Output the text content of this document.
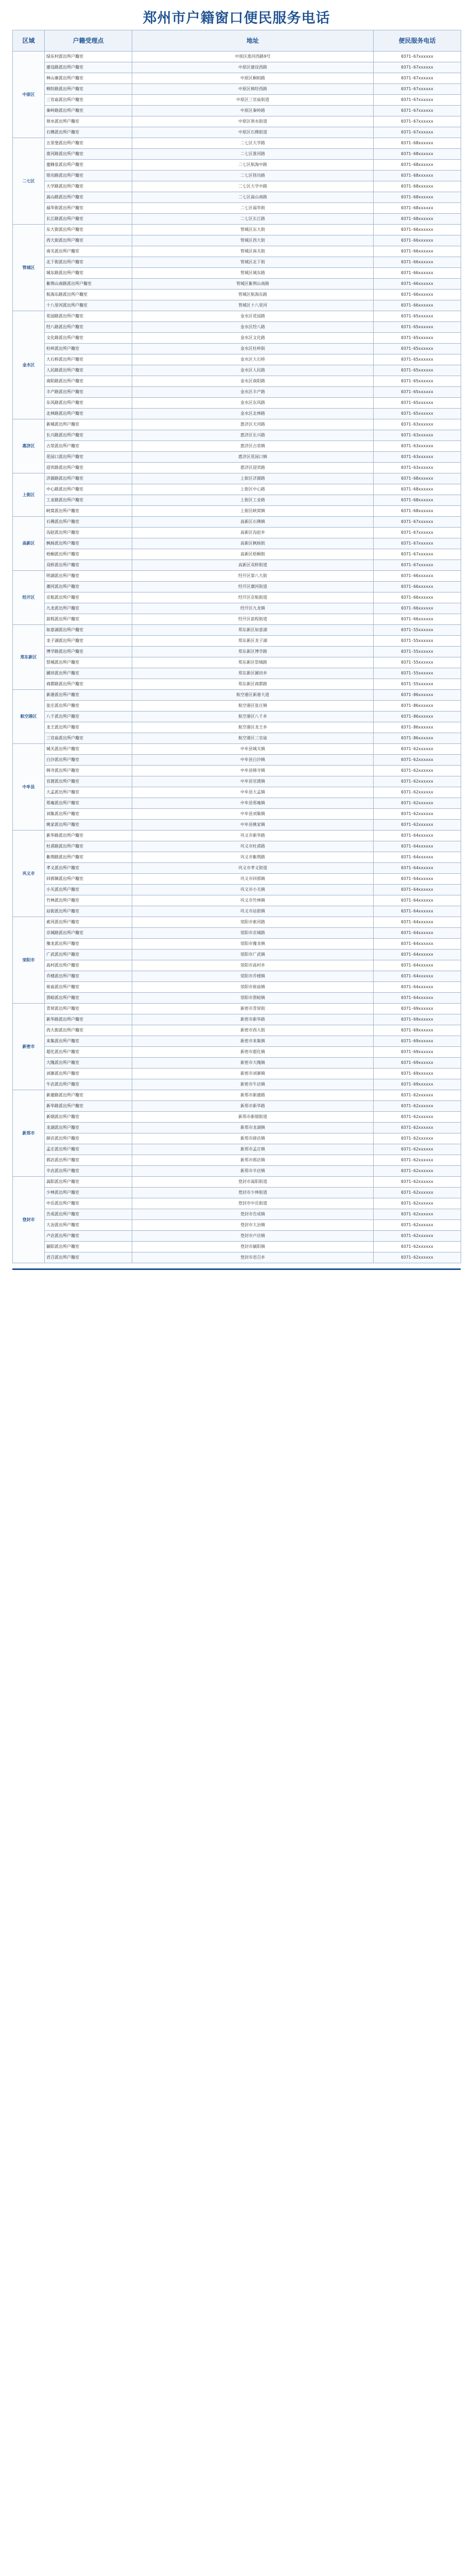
郑州市户籍窗口便民服务电话
区域	户籍受理点	地址	便民服务电话
中原区	绿东村派出所户籍室	中原区淮河西路9号	0371-67xxxxxx
	建设路派出所户籍室	中原区建设西路	0371-67xxxxxx
	林山寨派出所户籍室	中原区桐柏路	0371-67xxxxxx
	棉纺路派出所户籍室	中原区棉纺西路	0371-67xxxxxx
	三官庙派出所户籍室	中原区三官庙街道	0371-67xxxxxx
	秦岭路派出所户籍室	中原区秦岭路	0371-67xxxxxx
	须水派出所户籍室	中原区须水街道	0371-67xxxxxx
	石佛派出所户籍室	中原区石佛街道	0371-67xxxxxx
二七区	五里堡派出所户籍室	二七区大学路	0371-68xxxxxx
	淮河路派出所户籍室	二七区淮河路	0371-68xxxxxx
	蜜蜂张派出所户籍室	二七区航海中路	0371-68xxxxxx
	铭功路派出所户籍室	二七区铭功路	0371-68xxxxxx
	大学路派出所户籍室	二七区大学中路	0371-68xxxxxx
	嵩山路派出所户籍室	二七区嵩山南路	0371-68xxxxxx
	福华街派出所户籍室	二七区福华街	0371-68xxxxxx
	长江路派出所户籍室	二七区长江路	0371-68xxxxxx
管城区	东大街派出所户籍室	管城区东大街	0371-66xxxxxx
	西大街派出所户籍室	管城区西大街	0371-66xxxxxx
	南关派出所户籍室	管城区南关街	0371-66xxxxxx
	北下街派出所户籍室	管城区北下街	0371-66xxxxxx
	城东路派出所户籍室	管城区城东路	0371-66xxxxxx
	紫荆山南路派出所户籍室	管城区紫荆山南路	0371-66xxxxxx
	航海东路派出所户籍室	管城区航海东路	0371-66xxxxxx
	十八里河派出所户籍室	管城区十八里河	0371-66xxxxxx
金水区	花园路派出所户籍室	金水区花园路	0371-65xxxxxx
	经八路派出所户籍室	金水区经八路	0371-65xxxxxx
	文化路派出所户籍室	金水区文化路	0371-65xxxxxx
	杜岭派出所户籍室	金水区杜岭街	0371-65xxxxxx
	大石桥派出所户籍室	金水区大石桥	0371-65xxxxxx
	人民路派出所户籍室	金水区人民路	0371-65xxxxxx
	南阳路派出所户籍室	金水区南阳路	0371-65xxxxxx
	丰产路派出所户籍室	金水区丰产路	0371-65xxxxxx
	东风路派出所户籍室	金水区东风路	0371-65xxxxxx
	北林路派出所户籍室	金水区北林路	0371-65xxxxxx
惠济区	新城派出所户籍室	惠济区天河路	0371-63xxxxxx
	长兴路派出所户籍室	惠济区长兴路	0371-63xxxxxx
	古荥派出所户籍室	惠济区古荥镇	0371-63xxxxxx
	花园口派出所户籍室	惠济区花园口镇	0371-63xxxxxx
	迎宾路派出所户籍室	惠济区迎宾路	0371-63xxxxxx
上街区	济源路派出所户籍室	上街区济源路	0371-68xxxxxx
	中心路派出所户籍室	上街区中心路	0371-68xxxxxx
	工业路派出所户籍室	上街区工业路	0371-68xxxxxx
	峡窝派出所户籍室	上街区峡窝镇	0371-68xxxxxx
高新区	石佛派出所户籍室	高新区石佛镇	0371-67xxxxxx
	沟赵派出所户籍室	高新区沟赵乡	0371-67xxxxxx
	枫杨派出所户籍室	高新区枫杨街	0371-67xxxxxx
	梧桐派出所户籍室	高新区梧桐街	0371-67xxxxxx
	双桥派出所户籍室	高新区双桥街道	0371-67xxxxxx
经开区	明湖派出所户籍室	经开区第八大街	0371-66xxxxxx
	潮河派出所户籍室	经开区潮河街道	0371-66xxxxxx
	京航派出所户籍室	经开区京航街道	0371-66xxxxxx
	九龙派出所户籍室	经开区九龙镇	0371-66xxxxxx
	前程派出所户籍室	经开区前程街道	0371-66xxxxxx
郑东新区	如意湖派出所户籍室	郑东新区如意湖	0371-55xxxxxx
	龙子湖派出所户籍室	郑东新区龙子湖	0371-55xxxxxx
	博学路派出所户籍室	郑东新区博学路	0371-55xxxxxx
	祭城派出所户籍室	郑东新区祭城路	0371-55xxxxxx
	圃田派出所户籍室	郑东新区圃田乡	0371-55xxxxxx
	商都路派出所户籍室	郑东新区商都路	0371-55xxxxxx
航空港区	新港派出所户籍室	航空港区新港大道	0371-86xxxxxx
	张庄派出所户籍室	航空港区张庄镇	0371-86xxxxxx
	八千派出所户籍室	航空港区八千乡	0371-86xxxxxx
	龙王派出所户籍室	航空港区龙王乡	0371-86xxxxxx
	三官庙派出所户籍室	航空港区三官庙	0371-86xxxxxx
中牟县	城关派出所户籍室	中牟县城关镇	0371-62xxxxxx
	白沙派出所户籍室	中牟县白沙镇	0371-62xxxxxx
	韩寺派出所户籍室	中牟县韩寺镇	0371-62xxxxxx
	官渡派出所户籍室	中牟县官渡镇	0371-62xxxxxx
	大孟派出所户籍室	中牟县大孟镇	0371-62xxxxxx
	郑庵派出所户籍室	中牟县郑庵镇	0371-62xxxxxx
	刘集派出所户籍室	中牟县刘集镇	0371-62xxxxxx
	姚家派出所户籍室	中牟县姚家镇	0371-62xxxxxx
巩义市	新华路派出所户籍室	巩义市新华路	0371-64xxxxxx
	杜甫路派出所户籍室	巩义市杜甫路	0371-64xxxxxx
	紫荆路派出所户籍室	巩义市紫荆路	0371-64xxxxxx
	孝义派出所户籍室	巩义市孝义街道	0371-64xxxxxx
	回郭镇派出所户籍室	巩义市回郭镇	0371-64xxxxxx
	小关派出所户籍室	巩义市小关镇	0371-64xxxxxx
	竹林派出所户籍室	巩义市竹林镇	0371-64xxxxxx
	站街派出所户籍室	巩义市站街镇	0371-64xxxxxx
荥阳市	索河派出所户籍室	荥阳市索河路	0371-64xxxxxx
	京城路派出所户籍室	荥阳市京城路	0371-64xxxxxx
	豫龙派出所户籍室	荥阳市豫龙镇	0371-64xxxxxx
	广武派出所户籍室	荥阳市广武镇	0371-64xxxxxx
	高村派出所户籍室	荥阳市高村乡	0371-64xxxxxx
	乔楼派出所户籍室	荥阳市乔楼镇	0371-64xxxxxx
	崔庙派出所户籍室	荥阳市崔庙镇	0371-64xxxxxx
	贾峪派出所户籍室	荥阳市贾峪镇	0371-64xxxxxx
新密市	青屏派出所户籍室	新密市青屏街	0371-69xxxxxx
	新华路派出所户籍室	新密市新华路	0371-69xxxxxx
	西大街派出所户籍室	新密市西大街	0371-69xxxxxx
	来集派出所户籍室	新密市来集镇	0371-69xxxxxx
	超化派出所户籍室	新密市超化镇	0371-69xxxxxx
	大隗派出所户籍室	新密市大隗镇	0371-69xxxxxx
	刘寨派出所户籍室	新密市刘寨镇	0371-69xxxxxx
	牛店派出所户籍室	新密市牛店镇	0371-69xxxxxx
新郑市	新建路派出所户籍室	新郑市新建路	0371-62xxxxxx
	新华路派出所户籍室	新郑市新华路	0371-62xxxxxx
	新烟派出所户籍室	新郑市新烟街道	0371-62xxxxxx
	龙湖派出所户籍室	新郑市龙湖镇	0371-62xxxxxx
	薛店派出所户籍室	新郑市薛店镇	0371-62xxxxxx
	孟庄派出所户籍室	新郑市孟庄镇	0371-62xxxxxx
	郭店派出所户籍室	新郑市郭店镇	0371-62xxxxxx
	辛店派出所户籍室	新郑市辛店镇	0371-62xxxxxx
登封市	嵩阳派出所户籍室	登封市嵩阳街道	0371-62xxxxxx
	少林派出所户籍室	登封市少林街道	0371-62xxxxxx
	中岳派出所户籍室	登封市中岳街道	0371-62xxxxxx
	告成派出所户籍室	登封市告成镇	0371-62xxxxxx
	大冶派出所户籍室	登封市大冶镇	0371-62xxxxxx
	卢店派出所户籍室	登封市卢店镇	0371-62xxxxxx
	颍阳派出所户籍室	登封市颍阳镇	0371-62xxxxxx
	君召派出所户籍室	登封市君召乡	0371-62xxxxxx
